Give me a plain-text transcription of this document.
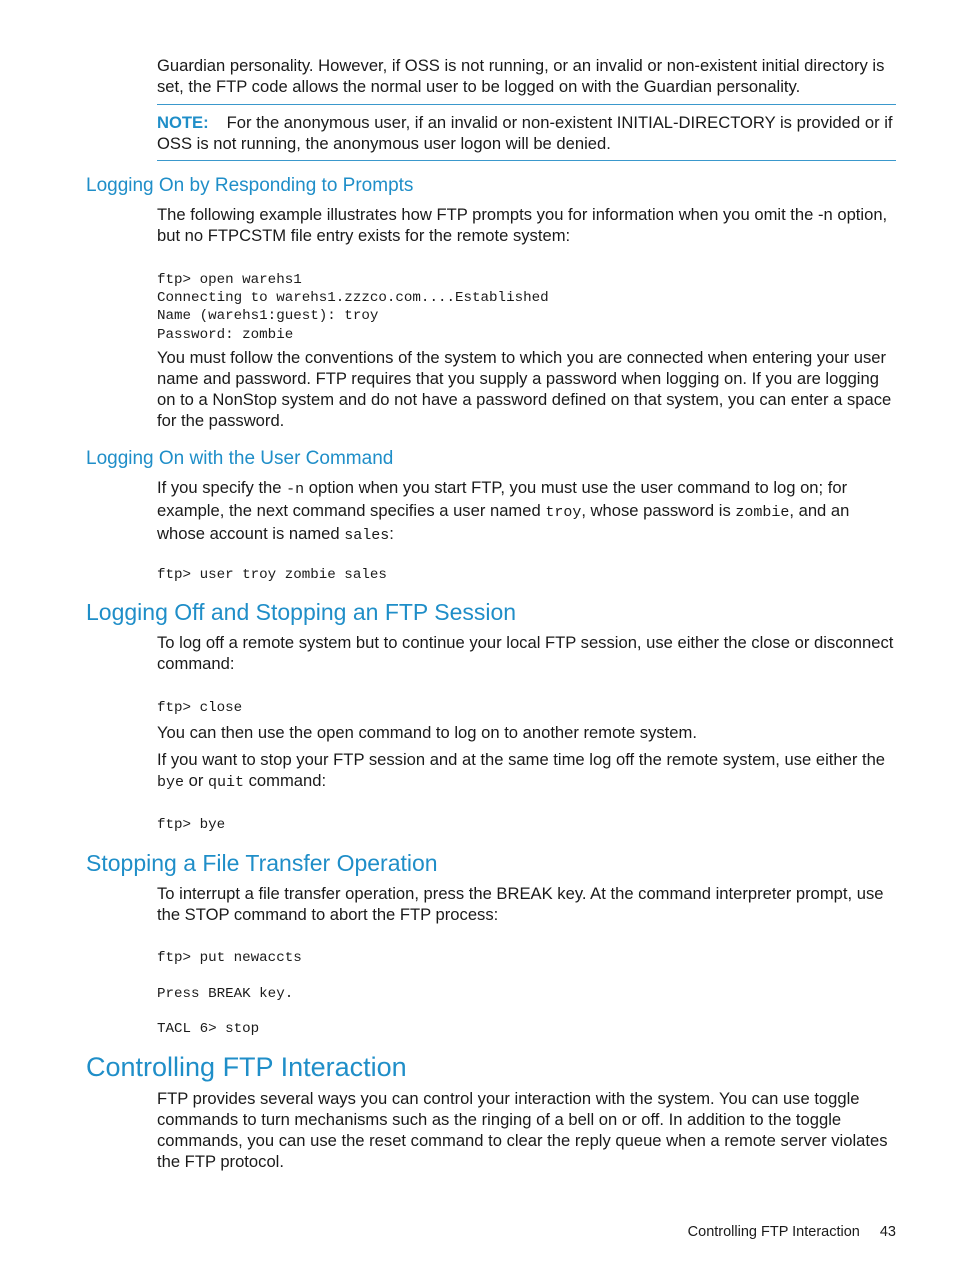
Guardian personality. However, if OSS is not running, or an invalid or non-existent initial directory is set, the FTP code allows the normal user to be logged on with the Guardian personality.

NOTE: For the anonymous user, if an invalid or non-existent INITIAL-DIRECTORY is provided or if OSS is not running, the anonymous user logon will be denied.

Logging On by Responding to Prompts

The following example illustrates how FTP prompts you for information when you omit the -n option, but no FTPCSTM file entry exists for the remote system:

ftp> open warehs1
Connecting to warehs1.zzzco.com....Established
Name (warehs1:guest): troy
Password: zombie

You must follow the conventions of the system to which you are connected when entering your user name and password. FTP requires that you supply a password when logging on. If you are logging on to a NonStop system and do not have a password defined on that system, you can enter a space for the password.

Logging On with the User Command

If you specify the -n option when you start FTP, you must use the user command to log on; for example, the next command specifies a user named troy, whose password is zombie, and an whose account is named sales:

ftp> user troy zombie sales
Logging Off and Stopping an FTP Session

To log off a remote system but to continue your local FTP session, use either the close or disconnect command:

ftp> close

You can then use the open command to log on to another remote system.

If you want to stop your FTP session and at the same time log off the remote system, use either the bye or quit command:

ftp> bye
Stopping a File Transfer Operation

To interrupt a file transfer operation, press the BREAK key. At the command interpreter prompt, use the STOP command to abort the FTP process:

ftp> put newaccts
Press BREAK key.
TACL 6> stop
Controlling FTP Interaction

FTP provides several ways you can control your interaction with the system. You can use toggle commands to turn mechanisms such as the ringing of a bell on or off. In addition to the toggle commands, you can use the reset command to clear the reply queue when a remote server violates the FTP protocol.

Controlling FTP Interaction 43
